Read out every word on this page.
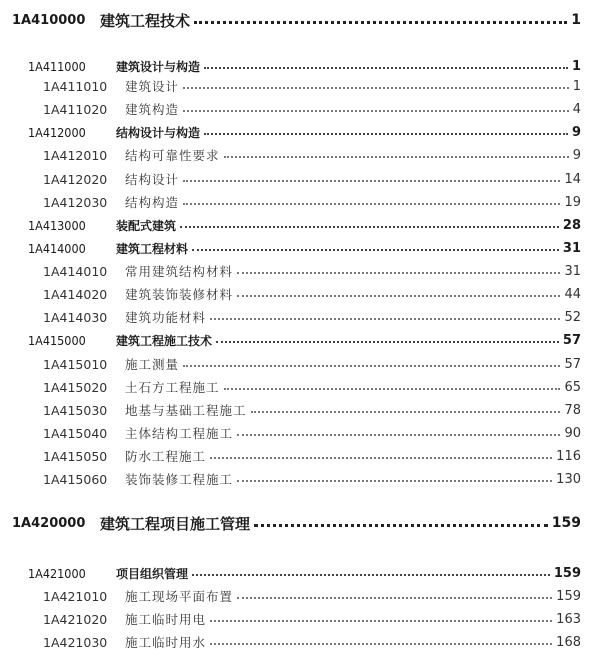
1A410000 建筑工程技术	1
1A411000	建筑设计与构造	1
1A411010	建筑设计	1
1A411020	建筑构造	4
1A412000	结构设计与构造	9
1A412010	结构可靠性要求	9
1A412020	结构设计	14
1A412030	结构构造	19
1A413000	装配式建筑	28
1A414000	建筑工程材料	31
1A414010	常用建筑结构材料	31
1A414020	建筑装饰装修材料	44
1A414030	建筑功能材料	52
1A415000	建筑工程施工技术	57
1A415010	施工测量	57
1A415020	土石方工程施工	65
1A415030	地基与基础工程施工	78
1A415040	主体结构工程施工	90
1A415050	防水工程施工	116
1A415060	装饰装修工程施工	130
1A420000 建筑工程项目施工管理	159
1A421000	项目组织管理	159
1A421010	施工现场平面布置	159
1A421020	施工临时用电	163
1A421030	施工临时用水	168
